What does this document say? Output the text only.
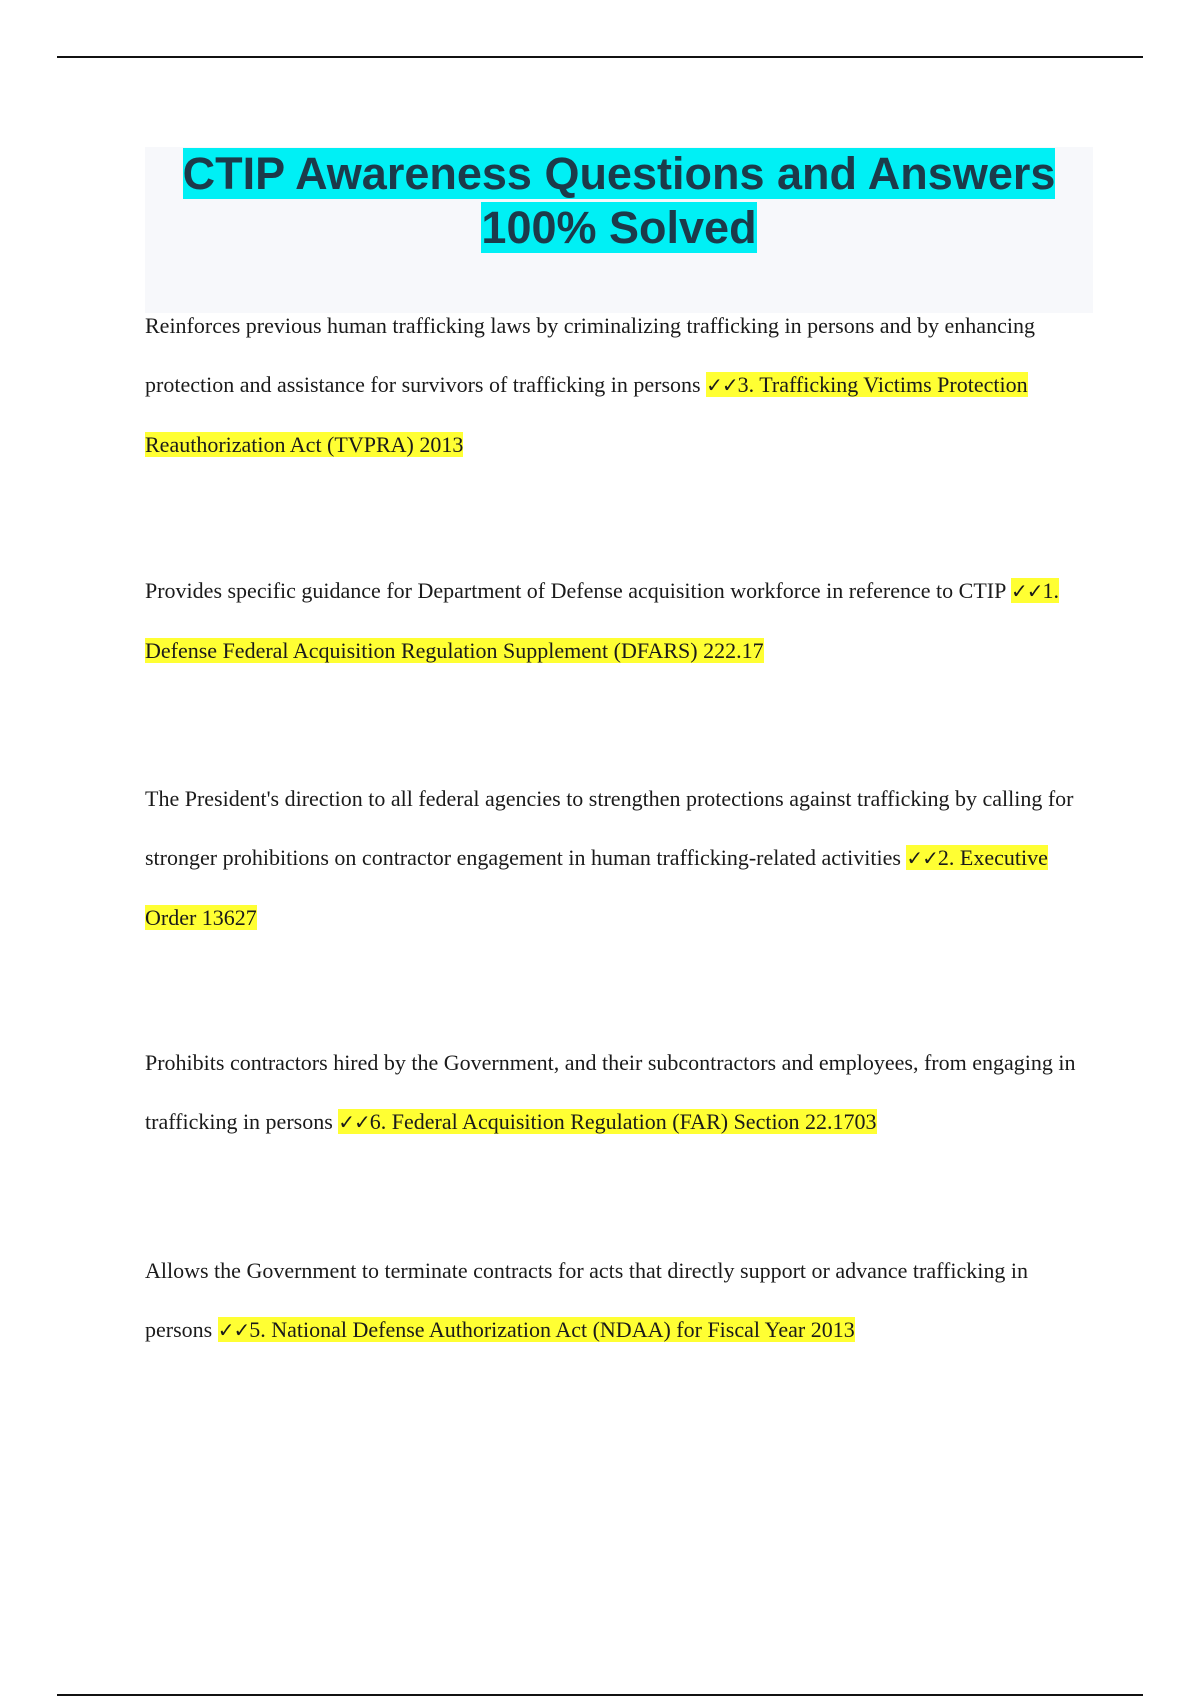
CTIP Awareness Questions and Answers
100% Solved

Reinforces previous human trafficking laws by criminalizing trafficking in persons and by enhancing protection and assistance for survivors of trafficking in persons ✓✓3. Trafficking Victims Protection Reauthorization Act (TVPRA) 2013

Provides specific guidance for Department of Defense acquisition workforce in reference to CTIP ✓✓1. Defense Federal Acquisition Regulation Supplement (DFARS) 222.17

The President's direction to all federal agencies to strengthen protections against trafficking by calling for stronger prohibitions on contractor engagement in human trafficking-related activities ✓✓2. Executive Order 13627

Prohibits contractors hired by the Government, and their subcontractors and employees, from engaging in trafficking in persons ✓✓6. Federal Acquisition Regulation (FAR) Section 22.1703

Allows the Government to terminate contracts for acts that directly support or advance trafficking in persons ✓✓5. National Defense Authorization Act (NDAA) for Fiscal Year 2013
